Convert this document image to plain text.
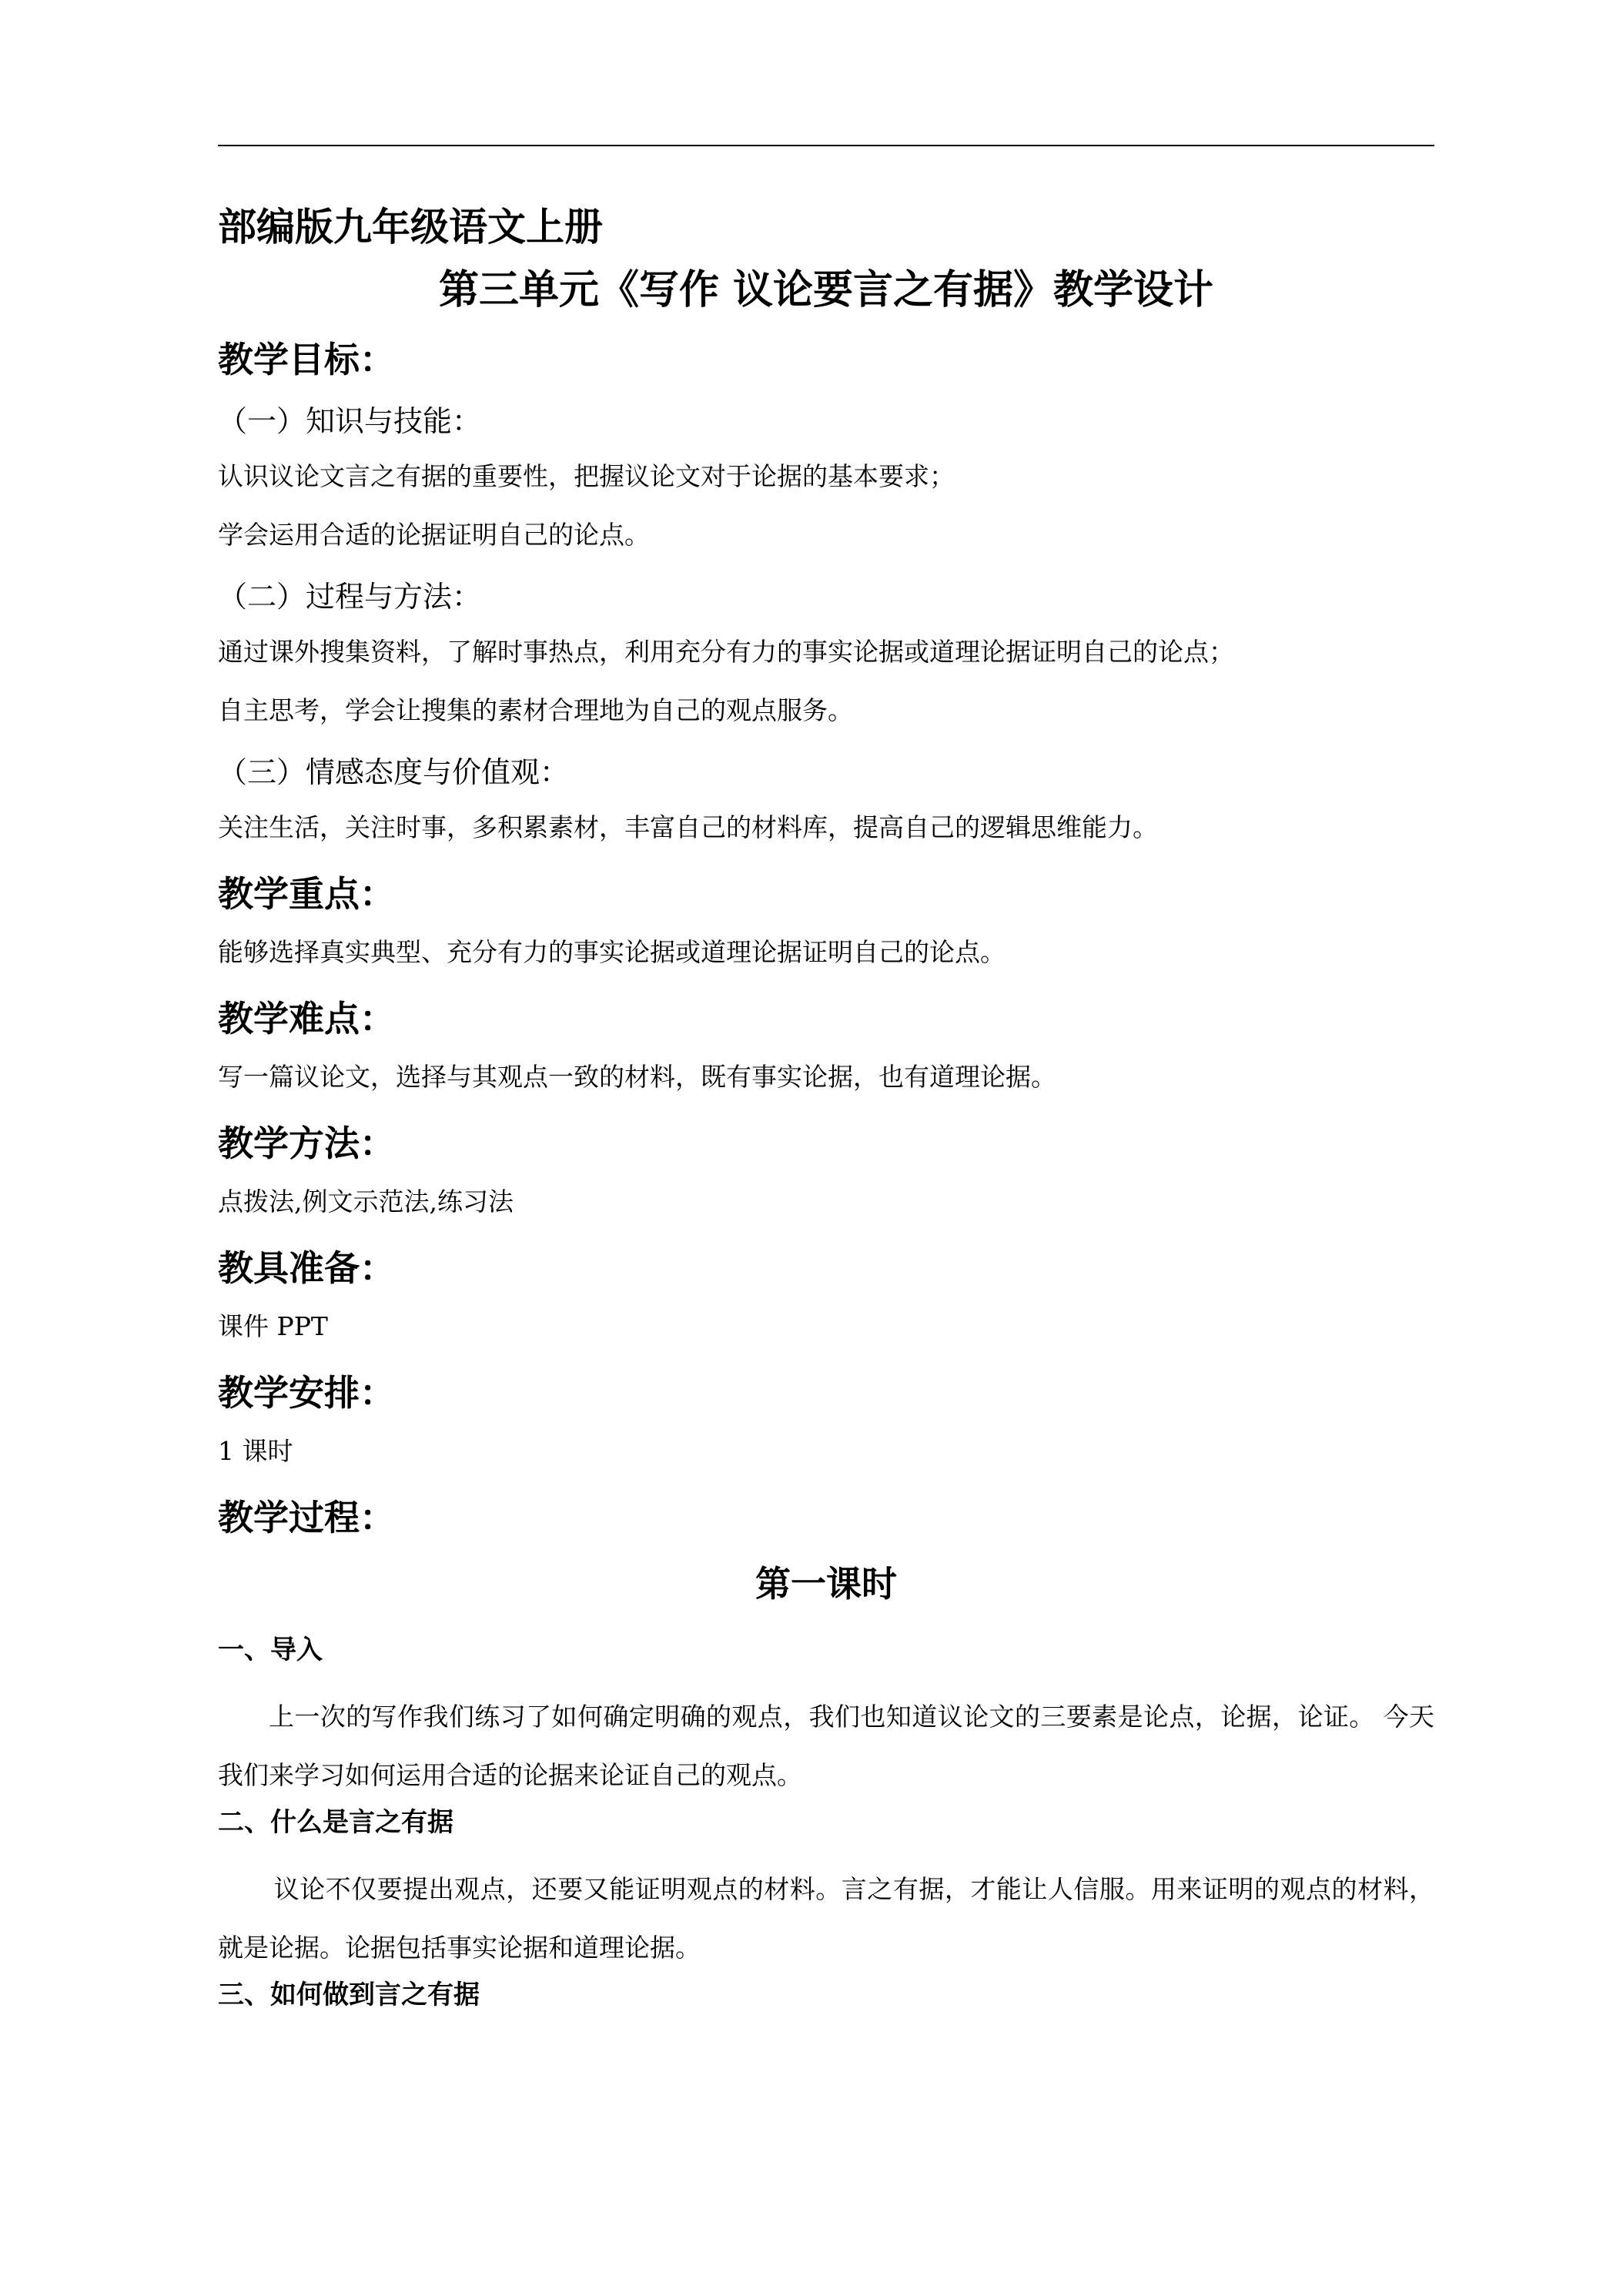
部编版九年级语文上册
第三单元《写作 议论要言之有据》教学设计
教学目标：
（一）知识与技能：
认识议论文言之有据的重要性，把握议论文对于论据的基本要求；
学会运用合适的论据证明自己的论点。
（二）过程与方法：
通过课外搜集资料，了解时事热点，利用充分有力的事实论据或道理论据证明自己的论点；
自主思考，学会让搜集的素材合理地为自己的观点服务。
（三）情感态度与价值观：
关注生活，关注时事，多积累素材，丰富自己的材料库，提高自己的逻辑思维能力。
教学重点：
能够选择真实典型、充分有力的事实论据或道理论据证明自己的论点。
教学难点：
写一篇议论文，选择与其观点一致的材料，既有事实论据，也有道理论据。
教学方法：
点拨法,例文示范法,练习法
教具准备：
课件 PPT
教学安排：
1 课时
教学过程：
第一课时
一、导入
上一次的写作我们练习了如何确定明确的观点，我们也知道议论文的三要素是论点，论据，论证。 今天我们来学习如何运用合适的论据来论证自己的观点。
二、什么是言之有据
议论不仅要提出观点，还要又能证明观点的材料。言之有据，才能让人信服。用来证明的观点的材料，就是论据。论据包括事实论据和道理论据。
三、如何做到言之有据
